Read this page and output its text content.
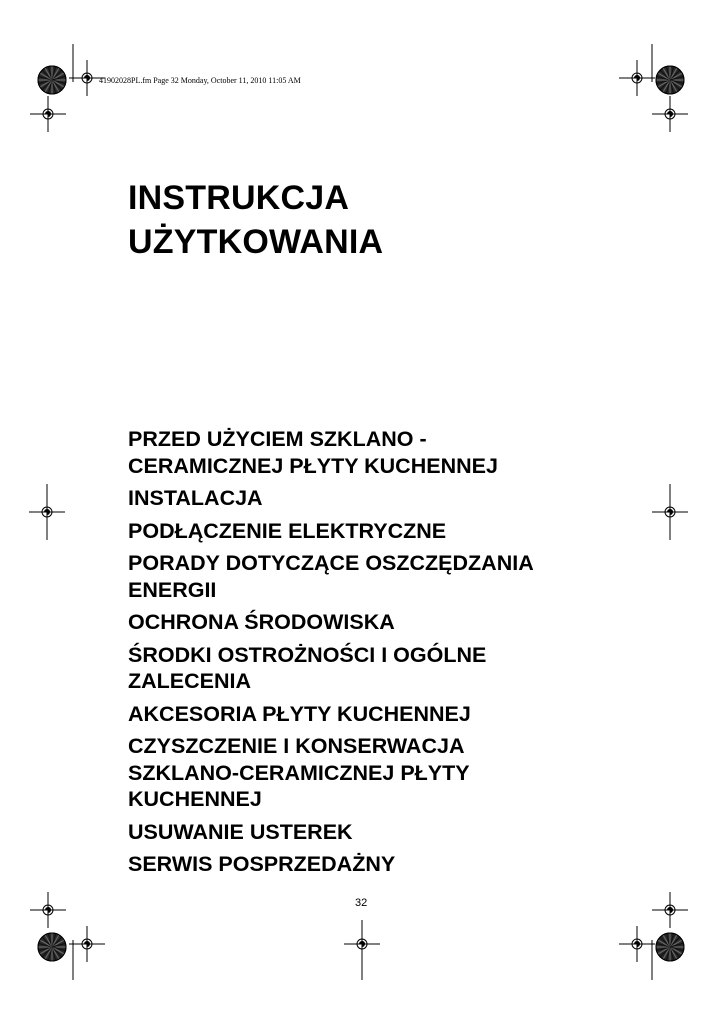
41902028PL.fm Page 32 Monday, October 11, 2010 11:05 AM
INSTRUKCJA
UŻYTKOWANIA
PRZED UŻYCIEM SZKLANO -
CERAMICZNEJ PŁYTY KUCHENNEJ
INSTALACJA
PODŁĄCZENIE ELEKTRYCZNE
PORADY DOTYCZĄCE OSZCZĘDZANIA
ENERGII
OCHRONA ŚRODOWISKA
ŚRODKI OSTROŻNOŚCI I OGÓLNE
ZALECENIA
AKCESORIA PŁYTY KUCHENNEJ
CZYSZCZENIE I KONSERWACJA
SZKLANO-CERAMICZNEJ PŁYTY
KUCHENNEJ
USUWANIE USTEREK
SERWIS POSPRZEDAŻNY
32
